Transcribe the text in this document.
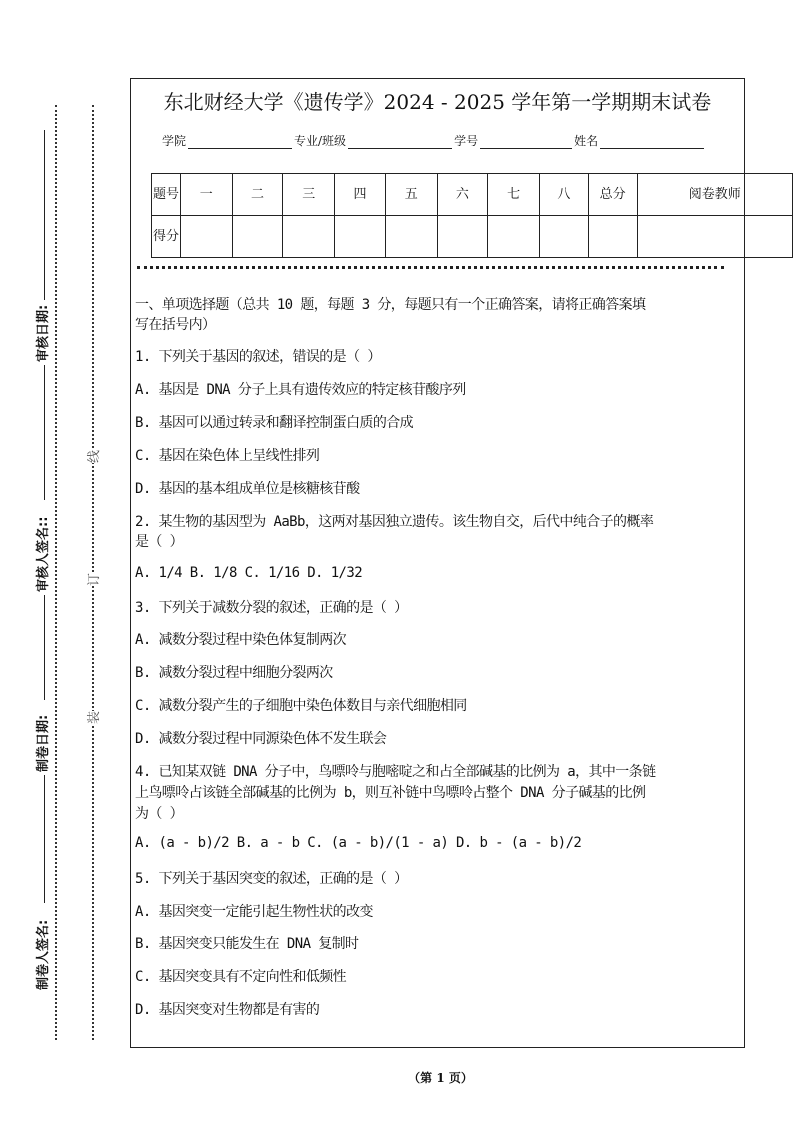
审核日期:
审核人签名::
制卷日期:
制卷人签名:
线
订
装
东北财经大学《遗传学》2024 - 2025 学年第一学期期末试卷
学院	专业/班级	学号	姓名
题号	一	二	三	四	五	六	七	八	总分	阅卷教师
得分										
一、单项选择题（总共 10 题，每题 3 分，每题只有一个正确答案，请将正确答案填
写在括号内）
1. 下列关于基因的叙述，错误的是（ ）
A. 基因是 DNA 分子上具有遗传效应的特定核苷酸序列
B. 基因可以通过转录和翻译控制蛋白质的合成
C. 基因在染色体上呈线性排列
D. 基因的基本组成单位是核糖核苷酸
2. 某生物的基因型为 AaBb，这两对基因独立遗传。该生物自交，后代中纯合子的概率
是（ ）
A. 1/4 B. 1/8 C. 1/16 D. 1/32
3. 下列关于减数分裂的叙述，正确的是（ ）
A. 减数分裂过程中染色体复制两次
B. 减数分裂过程中细胞分裂两次
C. 减数分裂产生的子细胞中染色体数目与亲代细胞相同
D. 减数分裂过程中同源染色体不发生联会
4. 已知某双链 DNA 分子中，鸟嘌呤与胞嘧啶之和占全部碱基的比例为 a，其中一条链
上鸟嘌呤占该链全部碱基的比例为 b，则互补链中鸟嘌呤占整个 DNA 分子碱基的比例
为（ ）
A. (a - b)/2 B. a - b C. (a - b)/(1 - a) D. b - (a - b)/2
5. 下列关于基因突变的叙述，正确的是（ ）
A. 基因突变一定能引起生物性状的改变
B. 基因突变只能发生在 DNA 复制时
C. 基因突变具有不定向性和低频性
D. 基因突变对生物都是有害的
（第 1 页）
